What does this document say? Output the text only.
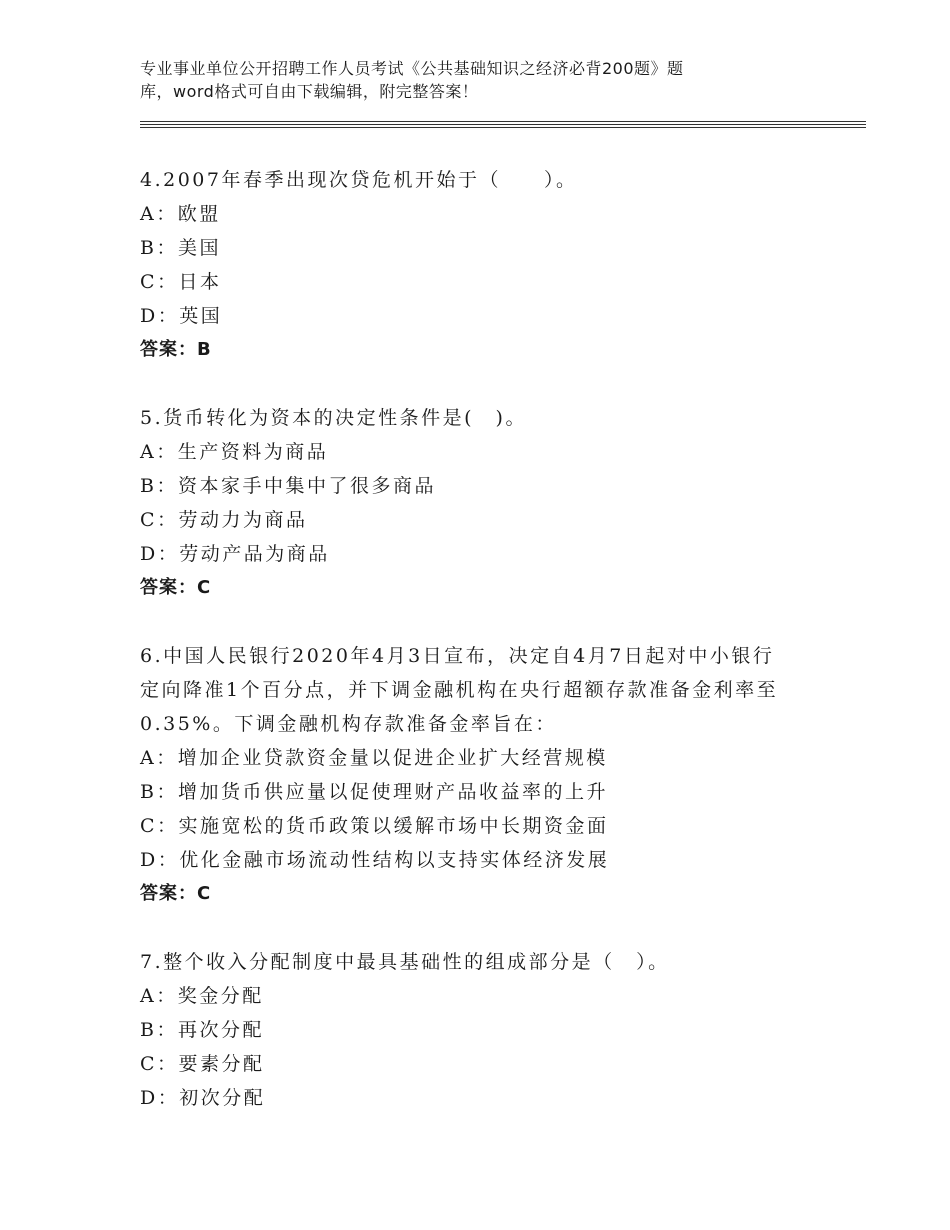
专业事业单位公开招聘工作人员考试《公共基础知识之经济必背200题》题
库，word格式可自由下载编辑，附完整答案！
4.2007年春季出现次贷危机开始于（　　）。
A：欧盟
B：美国
C：日本
D：英国
答案：B
5.货币转化为资本的决定性条件是(　)。
A：生产资料为商品
B：资本家手中集中了很多商品
C：劳动力为商品
D：劳动产品为商品
答案：C
6.中国人民银行2020年4月3日宣布，决定自4月7日起对中小银行
定向降准1个百分点，并下调金融机构在央行超额存款准备金利率至
0.35%。下调金融机构存款准备金率旨在：
A：增加企业贷款资金量以促进企业扩大经营规模
B：增加货币供应量以促使理财产品收益率的上升
C：实施宽松的货币政策以缓解市场中长期资金面
D：优化金融市场流动性结构以支持实体经济发展
答案：C
7.整个收入分配制度中最具基础性的组成部分是（　）。
A：奖金分配
B：再次分配
C：要素分配
D：初次分配
